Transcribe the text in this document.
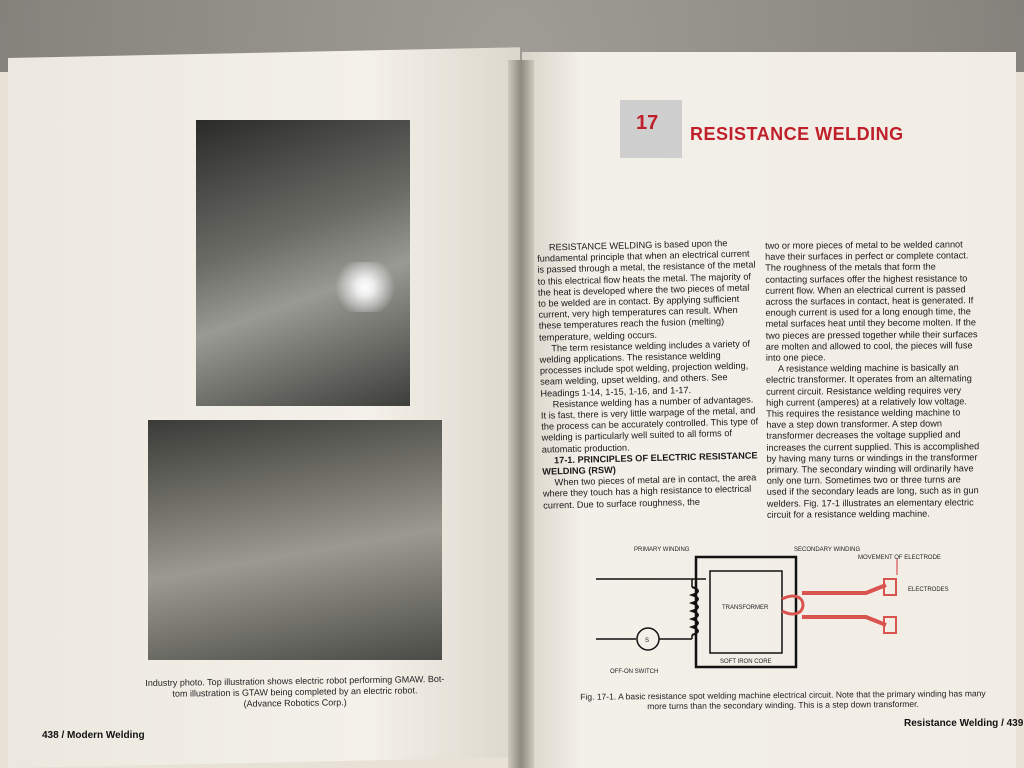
Industry photo. Top illustration shows electric robot performing GMAW. Bot-
tom illustration is GTAW being completed by an electric robot.
(Advance Robotics Corp.)
438 / Modern Welding
17 RESISTANCE WELDING

RESISTANCE WELDING is based upon the fundamental principle that when an electrical current is passed through a metal, the resistance of the metal to this electrical flow heats the metal. The majority of the heat is developed where the two pieces of metal to be welded are in contact. By applying sufficient current, very high temperatures can result. When these temperatures reach the fusion (melting) temperature, welding occurs.

The term resistance welding includes a variety of welding applications. The resistance welding processes include spot welding, projection welding, seam welding, upset welding, and others. See Headings 1-14, 1-15, 1-16, and 1-17.

Resistance welding has a number of advantages. It is fast, there is very little warpage of the metal, and the process can be accurately controlled. This type of welding is particularly well suited to all forms of automatic production.

17-1. PRINCIPLES OF ELECTRIC RESISTANCE WELDING (RSW)

When two pieces of metal are in contact, the area where they touch has a high resistance to electrical current. Due to surface roughness, the

two or more pieces of metal to be welded cannot have their surfaces in perfect or complete contact. The roughness of the metals that form the contacting surfaces offer the highest resistance to current flow. When an electrical current is passed across the surfaces in contact, heat is generated. If enough current is used for a long enough time, the metal surfaces heat until they become molten. If the two pieces are pressed together while their surfaces are molten and allowed to cool, the pieces will fuse into one piece.

A resistance welding machine is basically an electric transformer. It operates from an alternating current circuit. Resistance welding requires very high current (amperes) at a relatively low voltage. This requires the resistance welding machine to have a step down transformer. A step down transformer decreases the voltage supplied and increases the current supplied. This is accomplished by having many turns or windings in the transformer primary. The secondary winding will ordinarily have only one turn. Sometimes two or three turns are used if the secondary leads are long, such as in gun welders. Fig. 17-1 illustrates an elementary electric circuit for a resistance welding machine.

S
PRIMARY WINDING	SECONDARY WINDING
MOVEMENT OF ELECTRODE
ELECTRODES
TRANSFORMER
SOFT IRON CORE
OFF-ON SWITCH
Fig. 17-1. A basic resistance spot welding machine electrical circuit. Note that the primary winding has many
more turns than the secondary winding. This is a step down transformer.
Resistance Welding / 439
